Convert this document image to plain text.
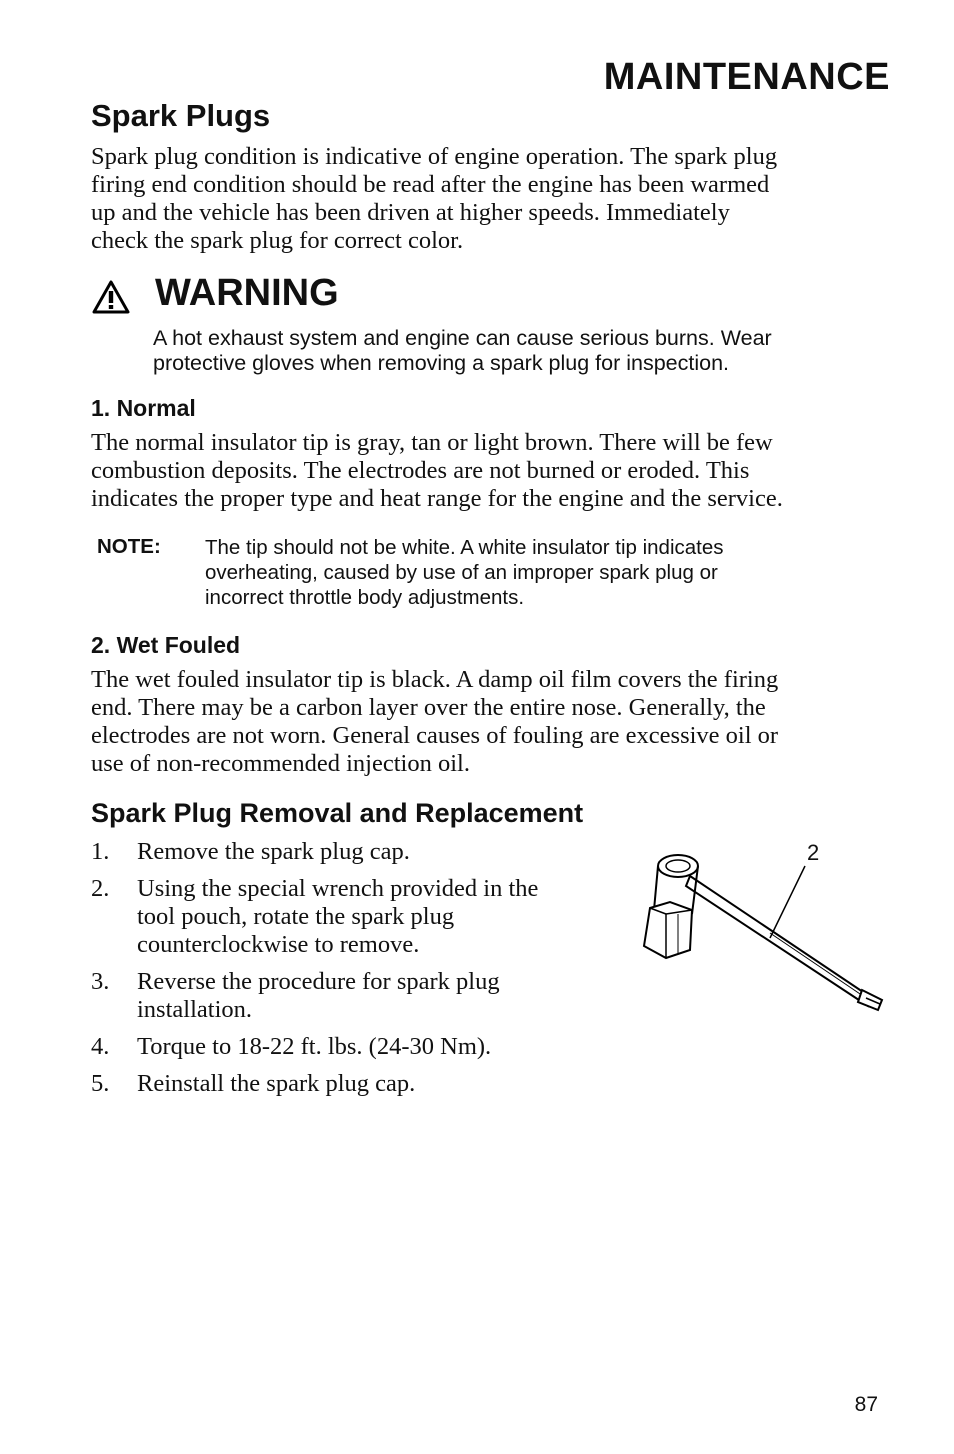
MAINTENANCE
Spark Plugs
Spark plug condition is indicative of engine operation. The spark plug
firing end condition should be read after the engine has been warmed
up and the vehicle has been driven at higher speeds. Immediately
check the spark plug for correct color.
WARNING
A hot exhaust system and engine can cause serious burns. Wear
protective gloves when removing a spark plug for inspection.
1. Normal
The normal insulator tip is gray, tan or light brown. There will be few
combustion deposits. The electrodes are not burned or eroded. This
indicates the proper type and heat range for the engine and the service.
NOTE: The tip should not be white. A white insulator tip indicates
overheating, caused by use of an improper spark plug or
incorrect throttle body adjustments.
2. Wet Fouled
The wet fouled insulator tip is black. A damp oil film covers the firing
end. There may be a carbon layer over the entire nose. Generally, the
electrodes are not worn. General causes of fouling are excessive oil or
use of non-recommended injection oil.
Spark Plug Removal and Replacement
1.	Remove the spark plug cap.
2.	Using the special wrench provided in the
tool pouch, rotate the spark plug
counterclockwise to remove.
3.	Reverse the procedure for spark plug
installation.
4.	Torque to 18-22 ft. lbs. (24-30 Nm).
5.	Reinstall the spark plug cap.
2
87
